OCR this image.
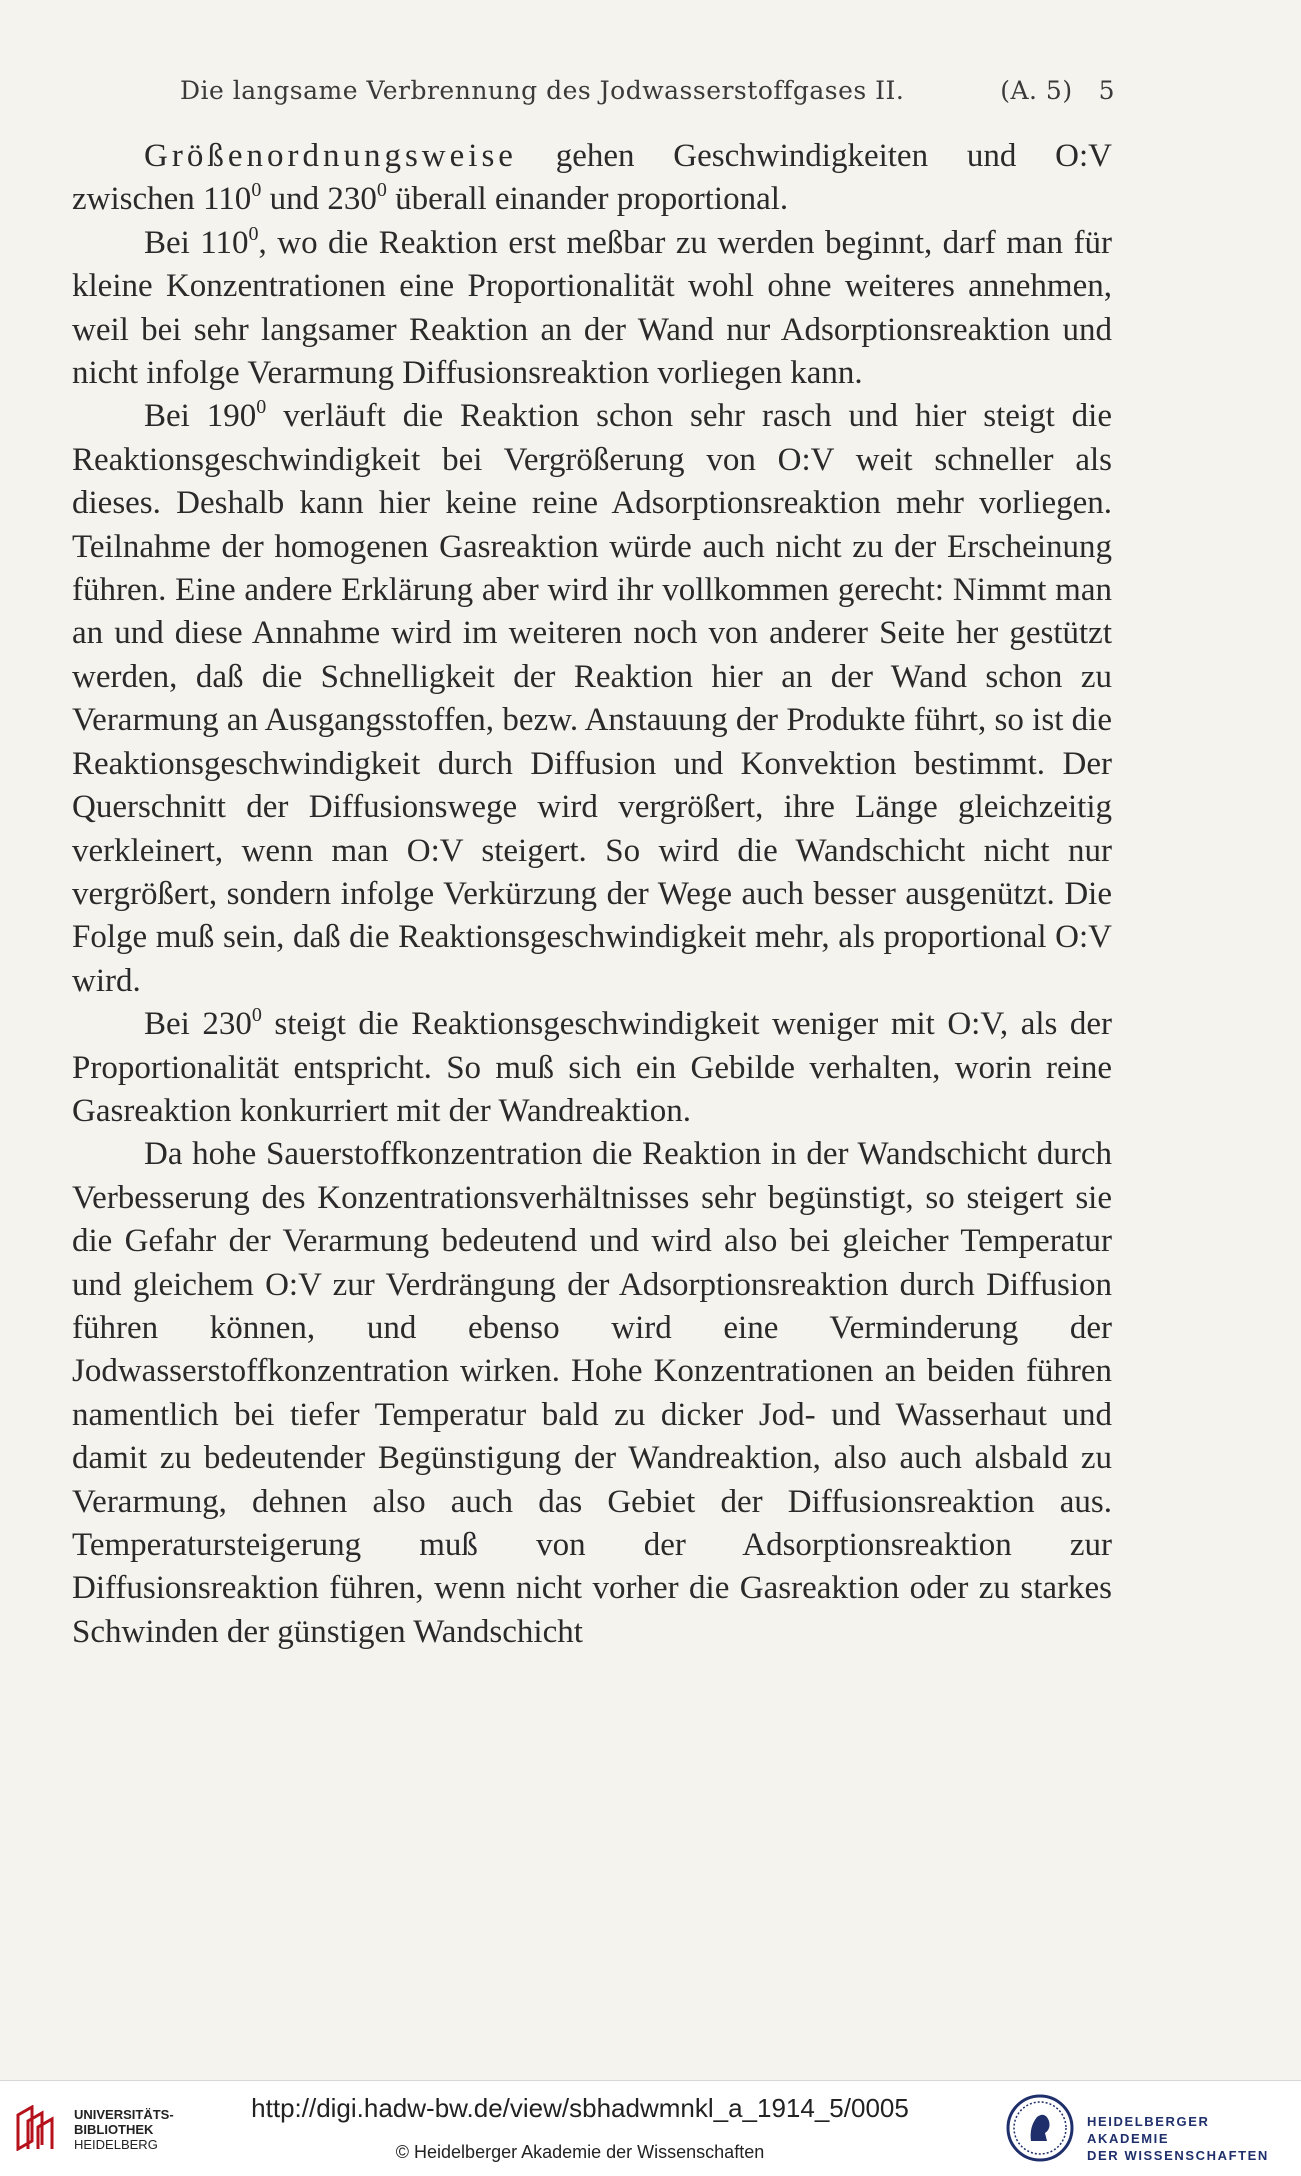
Die langsame Verbrennung des Jodwasserstoffgases II.	(A. 5) 5

Größenordnungsweise gehen Geschwindigkeiten und O:V zwischen $110^0$ und $230^0$ überall einander proportional.

Bei $110^0$, wo die Reaktion erst meßbar zu werden beginnt, darf man für kleine Konzentrationen eine Proportionalität wohl ohne weiteres annehmen, weil bei sehr langsamer Reaktion an der Wand nur Adsorptionsreaktion und nicht infolge Verarmung Diffusionsreaktion vorliegen kann.

Bei $190^0$ verläuft die Reaktion schon sehr rasch und hier steigt die Reaktionsgeschwindigkeit bei Vergrößerung von O:V weit schneller als dieses. Deshalb kann hier keine reine Adsorptionsreaktion mehr vorliegen. Teilnahme der homogenen Gasreaktion würde auch nicht zu der Erscheinung führen. Eine andere Erklärung aber wird ihr vollkommen gerecht: Nimmt man an und diese Annahme wird im weiteren noch von anderer Seite her gestützt werden, daß die Schnelligkeit der Reaktion hier an der Wand schon zu Verarmung an Ausgangsstoffen, bezw. Anstauung der Produkte führt, so ist die Reaktionsgeschwindigkeit durch Diffusion und Konvektion bestimmt. Der Querschnitt der Diffusionswege wird vergrößert, ihre Länge gleichzeitig verkleinert, wenn man O:V steigert. So wird die Wandschicht nicht nur vergrößert, sondern infolge Verkürzung der Wege auch besser ausgenützt. Die Folge muß sein, daß die Reaktionsgeschwindigkeit mehr, als proportional O:V wird.

Bei $230^0$ steigt die Reaktionsgeschwindigkeit weniger mit O:V, als der Proportionalität entspricht. So muß sich ein Gebilde verhalten, worin reine Gasreaktion konkurriert mit der Wandreaktion.

Da hohe Sauerstoffkonzentration die Reaktion in der Wandschicht durch Verbesserung des Konzentrationsverhältnisses sehr begünstigt, so steigert sie die Gefahr der Verarmung bedeutend und wird also bei gleicher Temperatur und gleichem O:V zur Verdrängung der Adsorptionsreaktion durch Diffusion führen können, und ebenso wird eine Verminderung der Jodwasserstoffkonzentration wirken. Hohe Konzentrationen an beiden führen namentlich bei tiefer Temperatur bald zu dicker Jod- und Wasserhaut und damit zu bedeutender Begünstigung der Wandreaktion, also auch alsbald zu Verarmung, dehnen also auch das Gebiet der Diffusionsreaktion aus. Temperatursteigerung muß von der Adsorptionsreaktion zur Diffusionsreaktion führen, wenn nicht vorher die Gasreaktion oder zu starkes Schwinden der günstigen Wandschicht

UNIVERSITÄTS-
BIBLIOTHEK
HEIDELBERG
http://digi.hadw-bw.de/view/sbhadwmnkl_a_1914_5/0005
© Heidelberger Akademie der Wissenschaften
HEIDELBERGER AKADEMIE
DER WISSENSCHAFTEN
